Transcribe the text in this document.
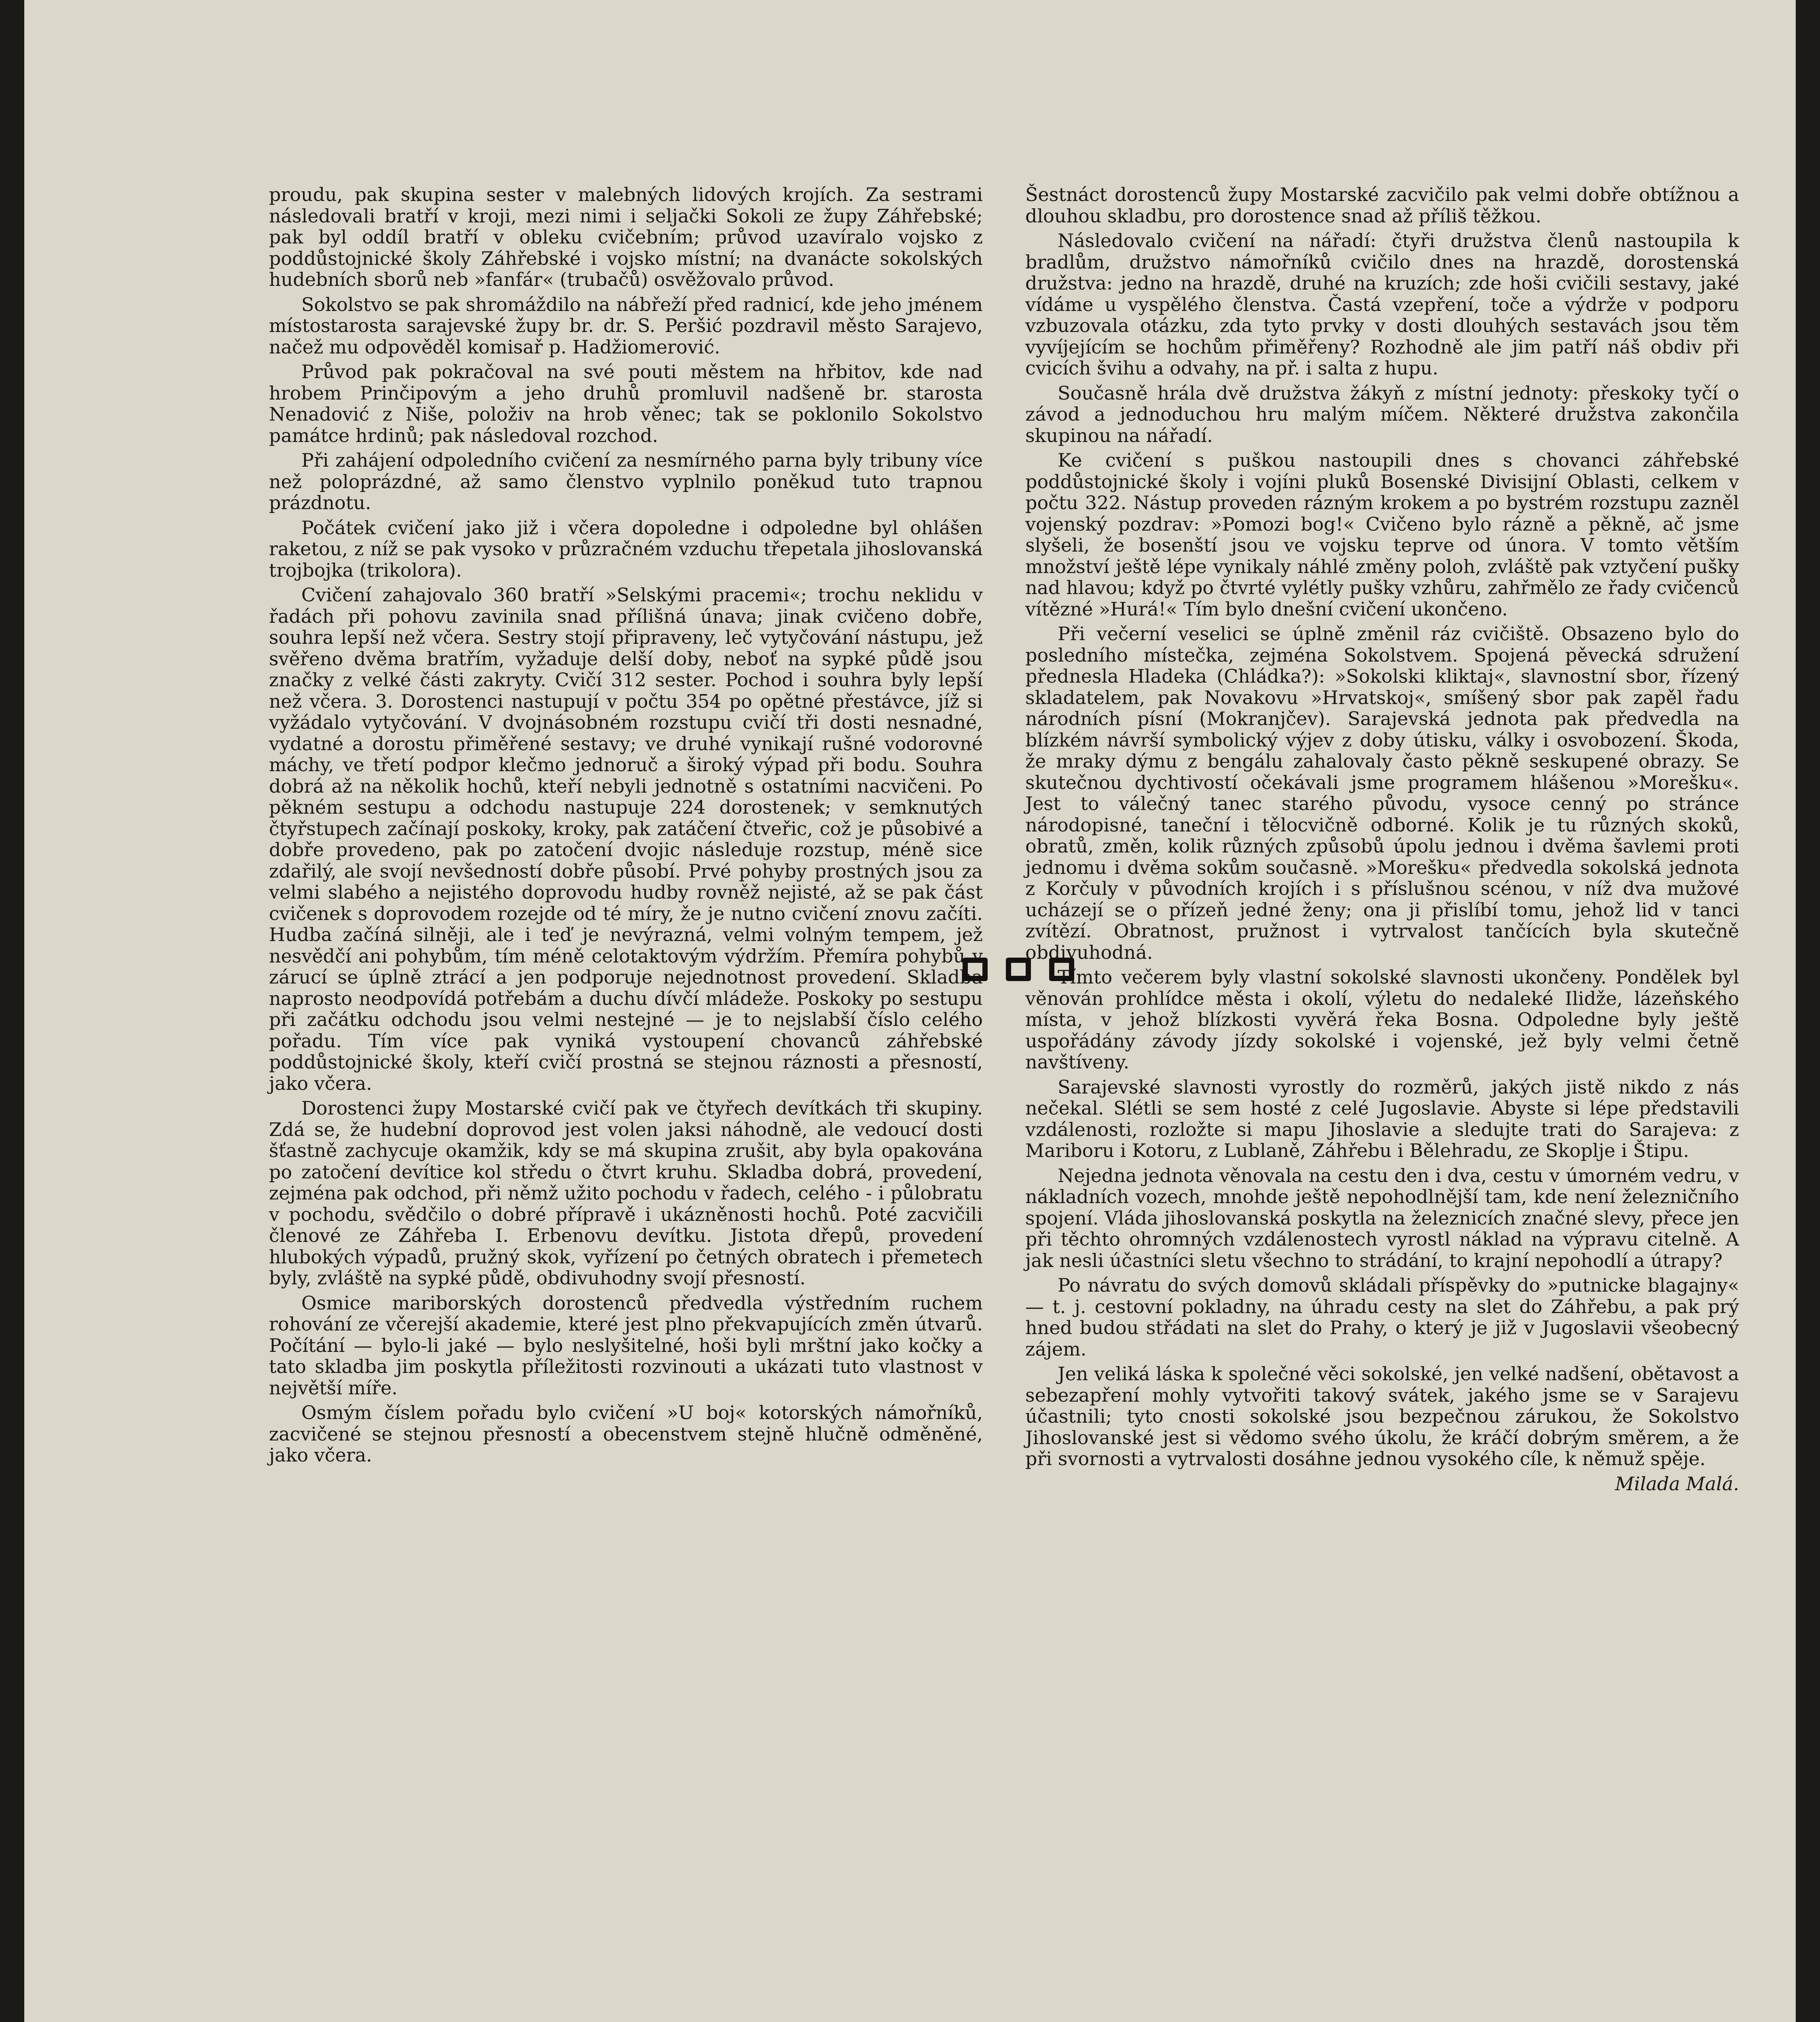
proudu, pak skupina sester v malebných lidových krojích. Za sestrami následovali bratří v kroji, mezi nimi i seljački Sokoli ze župy Záhřebské; pak byl oddíl bratří v obleku cvičebním; průvod uzavíralo vojsko z poddůstojnické školy Záhřebské i vojsko místní; na dvanácte sokolských hudebních sborů neb »fanfár« (trubačů) osvěžovalo průvod.

Sokolstvo se pak shromáždilo na nábřeží před radnicí, kde jeho jménem místostarosta sarajevské župy br. dr. S. Peršić pozdravil město Sarajevo, načež mu odpověděl komisař p. Hadžiomerović.

Průvod pak pokračoval na své pouti městem na hřbitov, kde nad hrobem Prinčipovým a jeho druhů promluvil nadšeně br. starosta Nenadović z Niše, položiv na hrob věnec; tak se poklonilo Sokolstvo památce hrdinů; pak následoval rozchod.

Při zahájení odpoledního cvičení za nesmírného parna byly tribuny více než poloprázdné, až samo členstvo vyplnilo poněkud tuto trapnou prázdnotu.

Počátek cvičení jako již i včera dopoledne i odpoledne byl ohlášen raketou, z níž se pak vysoko v průzračném vzduchu třepetala jihoslovanská trojbojka (trikolora).

Cvičení zahajovalo 360 bratří »Selskými pracemi«; trochu neklidu v řadách při pohovu zavinila snad přílišná únava; jinak cvičeno dobře, souhra lepší než včera. Sestry stojí připraveny, leč vytyčování nástupu, jež svěřeno dvěma bratřím, vyžaduje delší doby, neboť na sypké půdě jsou značky z velké části zakryty. Cvičí 312 sester. Pochod i souhra byly lepší než včera. 3. Dorostenci nastupují v počtu 354 po opětné přestávce, jíž si vyžádalo vytyčování. V dvojnásobném rozstupu cvičí tři dosti nesnadné, vydatné a dorostu přiměřené sestavy; ve druhé vynikají rušné vodorovné máchy, ve třetí podpor klečmo jednoruč a široký výpad při bodu. Souhra dobrá až na několik hochů, kteří nebyli jednotně s ostatními nacvičeni. Po pěkném sestupu a odchodu nastupuje 224 dorostenek; v semknutých čtyřstupech začínají poskoky, kroky, pak zatáčení čtveřic, což je působivé a dobře provedeno, pak po zatočení dvojic následuje rozstup, méně sice zdařilý, ale svojí nevšedností dobře působí. Prvé pohyby prostných jsou za velmi slabého a nejistého doprovodu hudby rovněž nejisté, až se pak část cvičenek s doprovodem rozejde od té míry, že je nutno cvičení znovu začíti. Hudba začíná silněji, ale i teď je nevýrazná, velmi volným tempem, jež nesvědčí ani pohybům, tím méně celotaktovým výdržím. Přemíra pohybů v zárucí se úplně ztrácí a jen podporuje nejednotnost provedení. Skladba naprosto neodpovídá potřebám a duchu dívčí mládeže. Poskoky po sestupu při začátku odchodu jsou velmi nestejné — je to nejslabší číslo celého pořadu. Tím více pak vyniká vystoupení chovanců záhřebské poddůstojnické školy, kteří cvičí prostná se stejnou ráznosti a přesností, jako včera.

Dorostenci župy Mostarské cvičí pak ve čtyřech devítkách tři skupiny. Zdá se, že hudební doprovod jest volen jaksi náhodně, ale vedoucí dosti šťastně zachycuje okamžik, kdy se má skupina zrušit, aby byla opakována po zatočení devítice kol středu o čtvrt kruhu. Skladba dobrá, provedení, zejména pak odchod, při němž užito pochodu v řadech, celého - i půlobratu v pochodu, svědčilo o dobré přípravě i ukázněnosti hochů. Poté zacvičili členové ze Záhřeba I. Erbenovu devítku. Jistota dřepů, provedení hlubokých výpadů, pružný skok, vyřízení po četných obratech i přemetech byly, zvláště na sypké půdě, obdivuhodny svojí přesností.

Osmice mariborských dorostenců předvedla výstředním ruchem rohování ze včerejší akademie, které jest plno překvapujících změn útvarů. Počítání — bylo-li jaké — bylo neslyšitelné, hoši byli mrštní jako kočky a tato skladba jim poskytla příležitosti rozvinouti a ukázati tuto vlastnost v největší míře.

Osmým číslem pořadu bylo cvičení »U boj« kotorských námořníků, zacvičené se stejnou přesností a obecenstvem stejně hlučně odměněné, jako včera.

Šestnáct dorostenců župy Mostarské zacvičilo pak velmi dobře obtížnou a dlouhou skladbu, pro dorostence snad až příliš těžkou.

Následovalo cvičení na nářadí: čtyři družstva členů nastoupila k bradlům, družstvo námořníků cvičilo dnes na hrazdě, dorostenská družstva: jedno na hrazdě, druhé na kruzích; zde hoši cvičili sestavy, jaké vídáme u vyspělého členstva. Častá vzepření, toče a výdrže v podporu vzbuzovala otázku, zda tyto prvky v dosti dlouhých sestavách jsou těm vyvíjejícím se hochům přiměřeny? Rozhodně ale jim patří náš obdiv při cvicích švihu a odvahy, na př. i salta z hupu.

Současně hrála dvě družstva žákyň z místní jednoty: přeskoky tyčí o závod a jednoduchou hru malým míčem. Některé družstva zakončila skupinou na nářadí.

Ke cvičení s puškou nastoupili dnes s chovanci záhřebské poddůstojnické školy i vojíni pluků Bosenské Divisijní Oblasti, celkem v počtu 322. Nástup proveden rázným krokem a po bystrém rozstupu zazněl vojenský pozdrav: »Pomozi bog!« Cvičeno bylo rázně a pěkně, ač jsme slyšeli, že bosenští jsou ve vojsku teprve od února. V tomto větším množství ještě lépe vynikaly náhlé změny poloh, zvláště pak vztyčení pušky nad hlavou; když po čtvrté vylétly pušky vzhůru, zahřmělo ze řady cvičenců vítězné »Hurá!« Tím bylo dnešní cvičení ukončeno.

Při večerní veselici se úplně změnil ráz cvičiště. Obsazeno bylo do posledního místečka, zejména Sokolstvem. Spojená pěvecká sdružení přednesla Hladeka (Chládka?): »Sokolski kliktaj«, slavnostní sbor, řízený skladatelem, pak Novakovu »Hrvatskoj«, smíšený sbor pak zapěl řadu národních písní (Mokranjčev). Sarajevská jednota pak předvedla na blízkém návrší symbolický výjev z doby útisku, války i osvobození. Škoda, že mraky dýmu z bengálu zahalovaly často pěkně seskupené obrazy. Se skutečnou dychtivostí očekávali jsme programem hlášenou »Morešku«. Jest to válečný tanec starého původu, vysoce cenný po stránce národopisné, taneční i tělocvičně odborné. Kolik je tu různých skoků, obratů, změn, kolik různých způsobů úpolu jednou i dvěma šavlemi proti jednomu i dvěma sokům současně. »Morešku« předvedla sokolská jednota z Korčuly v původních krojích i s příslušnou scénou, v níž dva mužové ucházejí se o přízeň jedné ženy; ona ji přislíbí tomu, jehož lid v tanci zvítězí. Obratnost, pružnost i vytrvalost tančících byla skutečně obdivuhodná.

Tímto večerem byly vlastní sokolské slavnosti ukončeny. Pondělek byl věnován prohlídce města i okolí, výletu do nedaleké Ilidže, lázeňského místa, v jehož blízkosti vyvěrá řeka Bosna. Odpoledne byly ještě uspořádány závody jízdy sokolské i vojenské, jež byly velmi četně navštíveny.

Sarajevské slavnosti vyrostly do rozměrů, jakých jistě nikdo z nás nečekal. Slétli se sem hosté z celé Jugoslavie. Abyste si lépe představili vzdálenosti, rozložte si mapu Jihoslavie a sledujte trati do Sarajeva: z Mariboru i Kotoru, z Lublaně, Záhřebu i Bělehradu, ze Skoplje i Štipu.

Nejedna jednota věnovala na cestu den i dva, cestu v úmorném vedru, v nákladních vozech, mnohde ještě nepohodlnější tam, kde není železničního spojení. Vláda jihoslovanská poskytla na železnicích značné slevy, přece jen při těchto ohromných vzdálenostech vyrostl náklad na výpravu citelně. A jak nesli účastníci sletu všechno to strádání, to krajní nepohodlí a útrapy?

Po návratu do svých domovů skládali příspěvky do »putnicke blagajny« — t. j. cestovní pokladny, na úhradu cesty na slet do Záhřebu, a pak prý hned budou střádati na slet do Prahy, o který je již v Jugoslavii všeobecný zájem.

Jen veliká láska k společné věci sokolské, jen velké nadšení, obětavost a sebezapření mohly vytvořiti takový svátek, jakého jsme se v Sarajevu účastnili; tyto cnosti sokolské jsou bezpečnou zárukou, že Sokolstvo Jihoslovanské jest si vědomo svého úkolu, že kráčí dobrým směrem, a že při svornosti a vytrvalosti dosáhne jednou vysokého cíle, k němuž spěje.

Milada Malá.
